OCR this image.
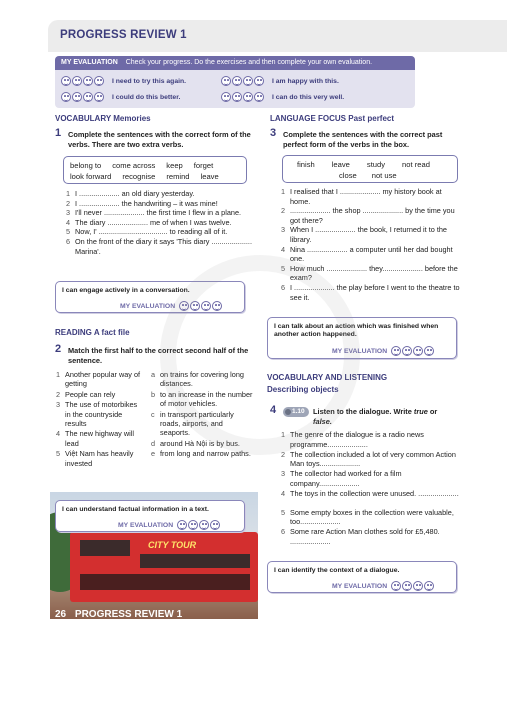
PROGRESS REVIEW 1
MY EVALUATION Check your progress. Do the exercises and then complete your own evaluation.
I need to try this again.	I am happy with this.
I could do this better.	I can do this very well.
VOCABULARY Memories
1 Complete the sentences with the correct form of the verbs. There are two extra verbs.
belong to come across keep forget
look forward recognise remind leave
1 I .................... an old diary yesterday.
2 I .................... the handwriting – it was mine!
3 I'll never .................... the first time I flew in a plane.
4 The diary .................... me of when I was twelve.
5 Now, I' .................................. to reading all of it.
6 On the front of the diary it says 'This diary .................... Marina'.
I can engage actively in a conversation.
MY EVALUATION
READING A fact file
2 Match the first half to the correct second half of the sentence.
1 Another popular way of getting
2 People can rely
3 The use of motorbikes in the countryside results
4 The new highway will lead
5 Việt Nam has heavily invested
a on trains for covering long distances.
b to an increase in the number of motor vehicles.
c in transport particularly roads, airports, and seaports.
d around Hà Nội is by bus.
e from long and narrow paths.
CITY TOUR
I can understand factual information in a text.
MY EVALUATION
26 PROGRESS REVIEW 1
LANGUAGE FOCUS Past perfect
3 Complete the sentences with the correct past perfect form of the verbs in the box.
finish leave study not read
close not use
1 I realised that I .................... my history book at home.
2 .................... the shop .................... by the time you got there?
3 When I .................... the book, I returned it to the library.
4 Nina .................... a computer until her dad bought one.
5 How much .................... they.................... before the exam?
6 I .................... the play before I went to the theatre to see it.
I can talk about an action which was finished when another action happened.
MY EVALUATION
VOCABULARY AND LISTENING
Describing objects
4	1.10	Listen to the dialogue. Write true or false.
1 The genre of the dialogue is a radio news programme....................
2 The collection included a lot of very common Action Man toys....................
3 The collector had worked for a film company....................
4 The toys in the collection were unused. ....................
5 Some empty boxes in the collection were valuable, too....................
6 Some rare Action Man clothes sold for £5,480. ....................
I can identify the context of a dialogue.
MY EVALUATION
